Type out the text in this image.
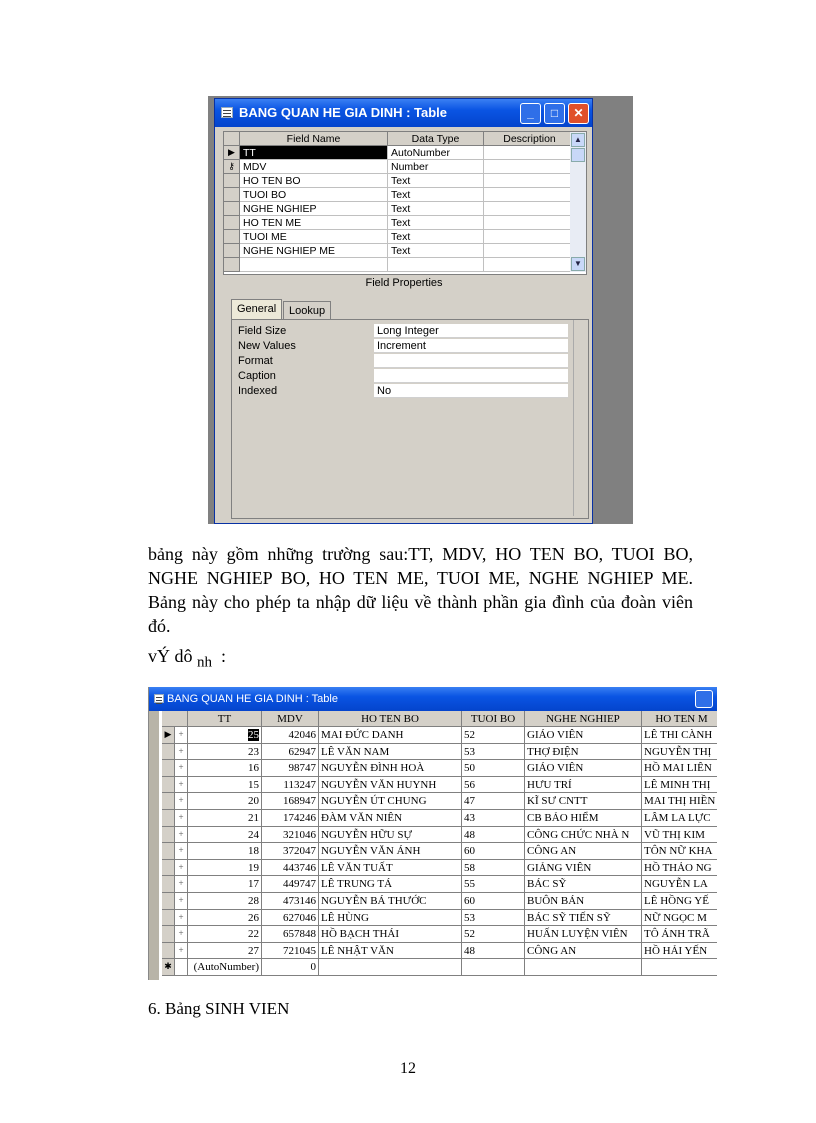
BANG QUAN HE GIA DINH : Table	_	□	✕
Field Name	Data Type	Description
▶ TT	AutoNumber
⚷ MDV	Number
HO TEN BO	Text
TUOI BO	Text
NGHE NGHIEP	Text
HO TEN ME	Text
TUOI ME	Text
NGHE NGHIEP ME	Text
▲
▼
Field Properties
General	Lookup
Field Size	Long Integer
New Values	Increment
Format
Caption
Indexed	No
bảng này gồm những trường sau:TT, MDV, HO TEN BO, TUOI BO, NGHE NGHIEP BO, HO TEN ME, TUOI ME, NGHE NGHIEP ME. Bảng này cho phép ta nhập dữ liệu về thành phần gia đình của đoàn viên đó.
vÝ dô $_{nh}$ :
BANG QUAN HE GIA DINH : Table
TT	MDV	HO TEN BO	TUOI BO	NGHE NGHIEP	HO TEN M
▶ +	25	42046 MAI ĐỨC DANH	52	GIÁO VIÊN	LÊ THI CÀNH
+	23	62947 LÊ VĂN NAM	53	THỢ ĐIỆN	NGUYỄN THỊ
+	16	98747 NGUYỄN ĐÌNH HOÀ	50	GIÁO VIÊN	HỒ MAI LIÊN
+	15	113247 NGUYỄN VĂN HUYNH	56	HƯU TRÍ	LÊ MINH THỊ
+	20	168947 NGUYỄN ÚT CHUNG	47	KĨ SƯ CNTT	MAI THỊ HIỀN
+	21	174246 ĐÀM VĂN NIÊN	43	CB BẢO HIỂM	LÂM LA LỰC
+	24	321046 NGUYỄN HỮU SỰ	48	CÔNG CHỨC NHÀ N	VŨ THỊ KIM
+	18	372047 NGUYỄN VĂN ÁNH	60	CÔNG AN	TÔN NỮ KHA
+	19	443746 LÊ VĂN TUẤT	58	GIẢNG VIÊN	HỒ THẢO NG
+	17	449747 LÊ TRUNG TÁ	55	BÁC SỸ	NGUYỄN LA
+	28	473146 NGUYỄN BÁ THƯỚC	60	BUÔN BÁN	LÊ HỒNG YẾ
+	26	627046 LÊ HÙNG	53	BÁC SỸ TIẾN SỸ	NỮ NGỌC M
+	22	657848 HỒ BẠCH THÁI	52	HUẤN LUYỆN VIÊN	TÔ ÁNH TRÃ
+	27	721045 LÊ NHẬT VĂN	48	CÔNG AN	HỒ HẢI YẾN
✱	(AutoNumber)	0
6. Bảng SINH VIEN
12
